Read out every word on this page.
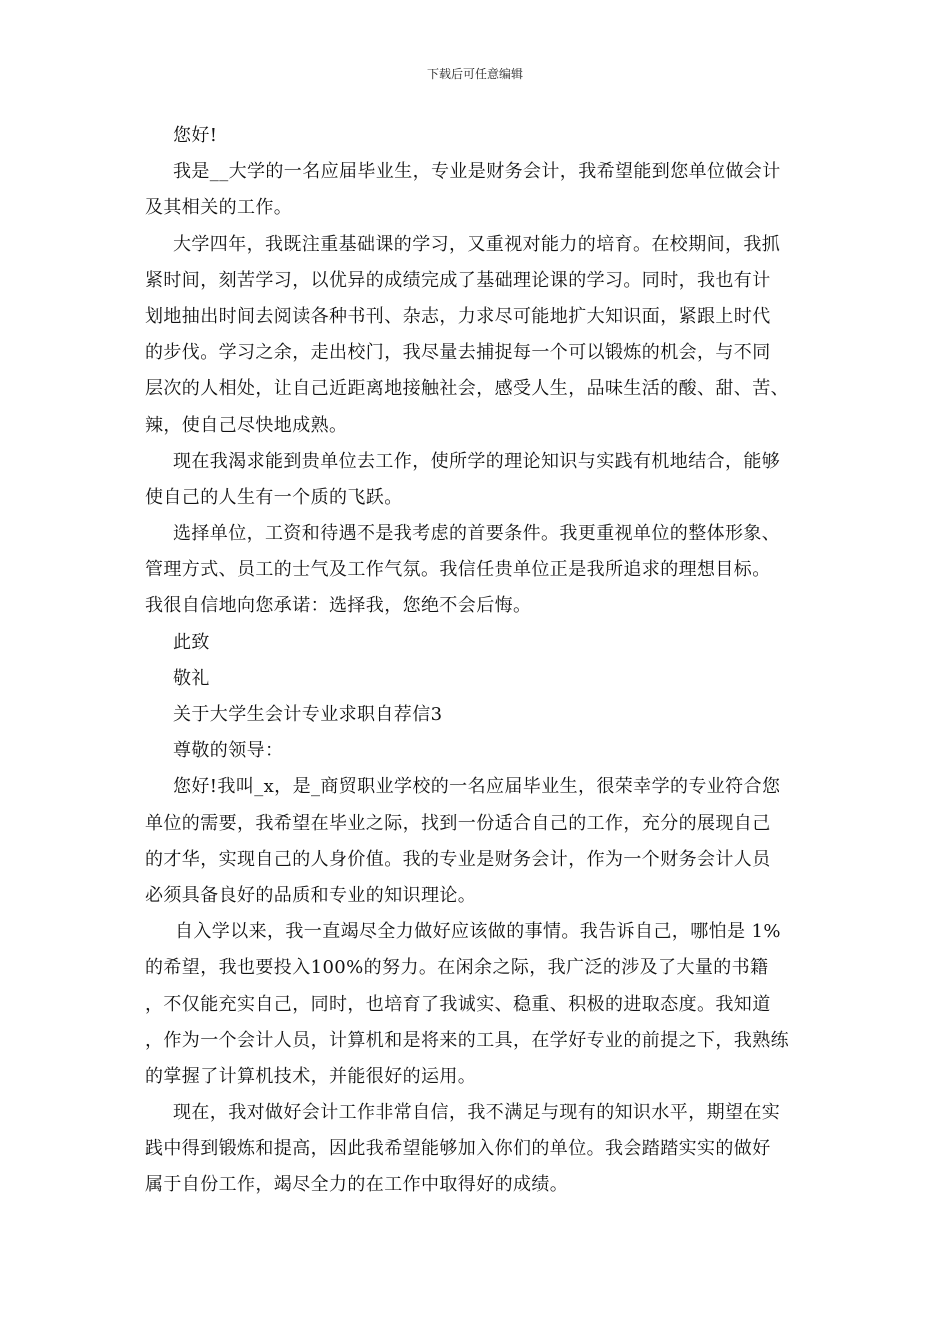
下载后可任意编辑
您好!
我是__大学的一名应届毕业生，专业是财务会计，我希望能到您单位做会计
及其相关的工作。
大学四年，我既注重基础课的学习，又重视对能力的培育。在校期间，我抓
紧时间，刻苦学习，以优异的成绩完成了基础理论课的学习。同时，我也有计
划地抽出时间去阅读各种书刊、杂志，力求尽可能地扩大知识面，紧跟上时代
的步伐。学习之余，走出校门，我尽量去捕捉每一个可以锻炼的机会，与不同
层次的人相处，让自己近距离地接触社会，感受人生，品味生活的酸、甜、苦、
辣，使自己尽快地成熟。
现在我渴求能到贵单位去工作，使所学的理论知识与实践有机地结合，能够
使自己的人生有一个质的飞跃。
选择单位，工资和待遇不是我考虑的首要条件。我更重视单位的整体形象、
管理方式、员工的士气及工作气氛。我信任贵单位正是我所追求的理想目标。
我很自信地向您承诺：选择我，您绝不会后悔。
此致
敬礼
关于大学生会计专业求职自荐信3
尊敬的领导：
您好!我叫_x，是_商贸职业学校的一名应届毕业生，很荣幸学的专业符合您
单位的需要，我希望在毕业之际，找到一份适合自己的工作，充分的展现自己
的才华，实现自己的人身价值。我的专业是财务会计，作为一个财务会计人员
必须具备良好的品质和专业的知识理论。
自入学以来，我一直竭尽全力做好应该做的事情。我告诉自己，哪怕是 1%
的希望，我也要投入100%的努力。在闲余之际，我广泛的涉及了大量的书籍
，不仅能充实自己，同时，也培育了我诚实、稳重、积极的进取态度。我知道
，作为一个会计人员，计算机和是将来的工具，在学好专业的前提之下，我熟练
的掌握了计算机技术，并能很好的运用。
现在，我对做好会计工作非常自信，我不满足与现有的知识水平，期望在实
践中得到锻炼和提高，因此我希望能够加入你们的单位。我会踏踏实实的做好
属于自份工作，竭尽全力的在工作中取得好的成绩。
